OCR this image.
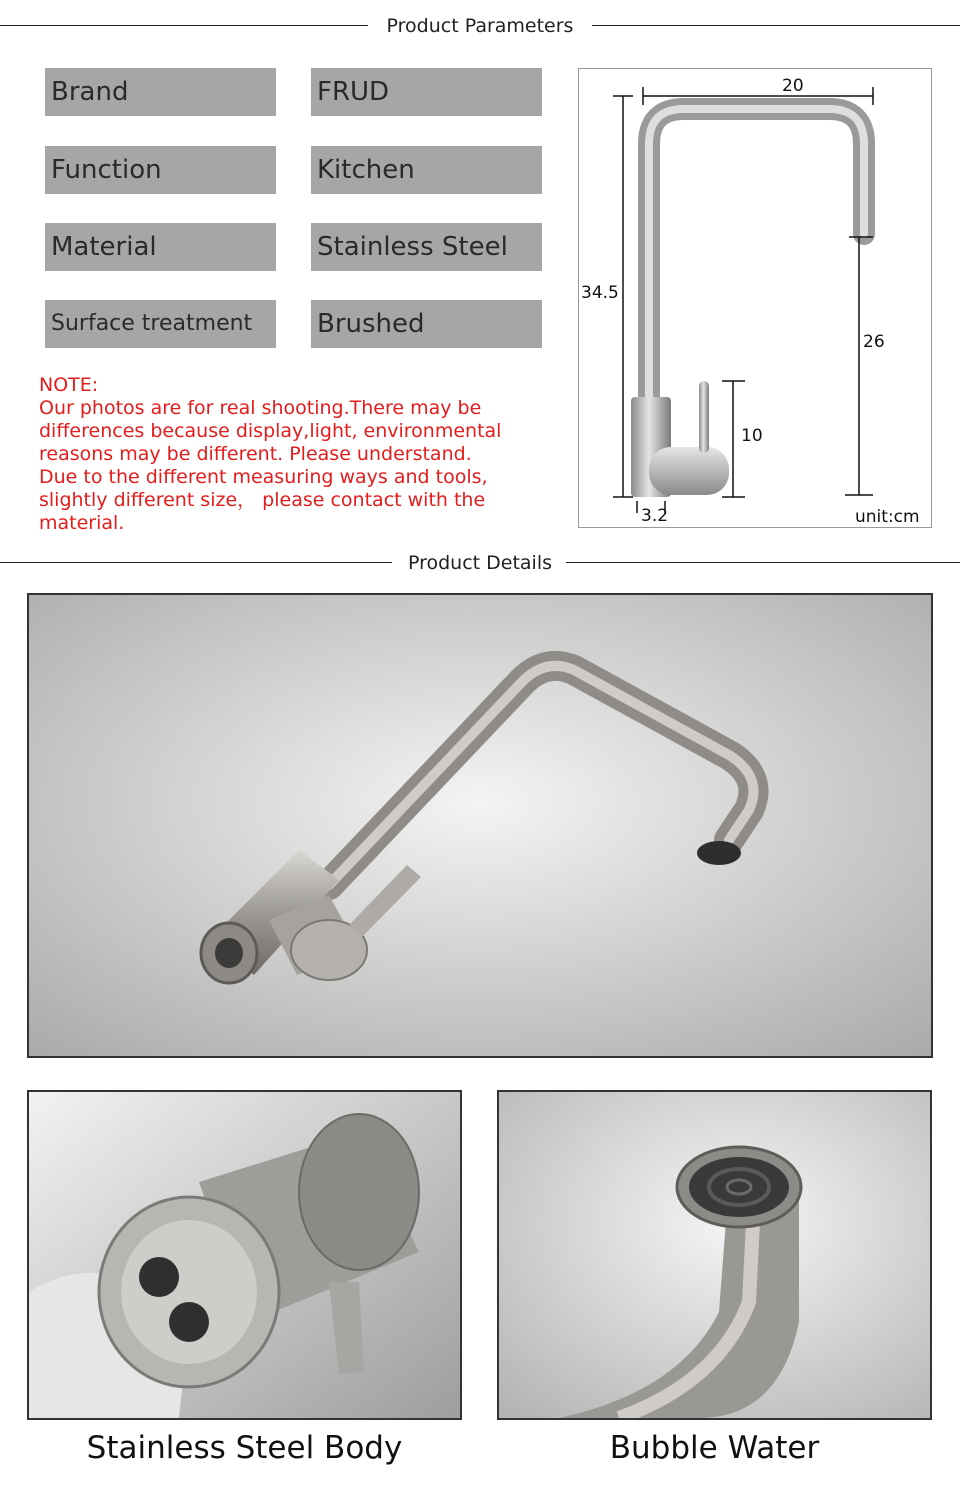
Product Parameters
Brand	FRUD
Function	Kitchen
Material	Stainless Steel
Surface treatment	Brushed

NOTE:

Our photos are for real shooting.There may be

differences because display,light, environmental

reasons may be different. Please understand.

Due to the different measuring ways and tools,

slightly different size， please contact with the

material.

20
34.5
26
10
3.2	unit:cm
Product Details
Stainless Steel Body	Bubble Water
